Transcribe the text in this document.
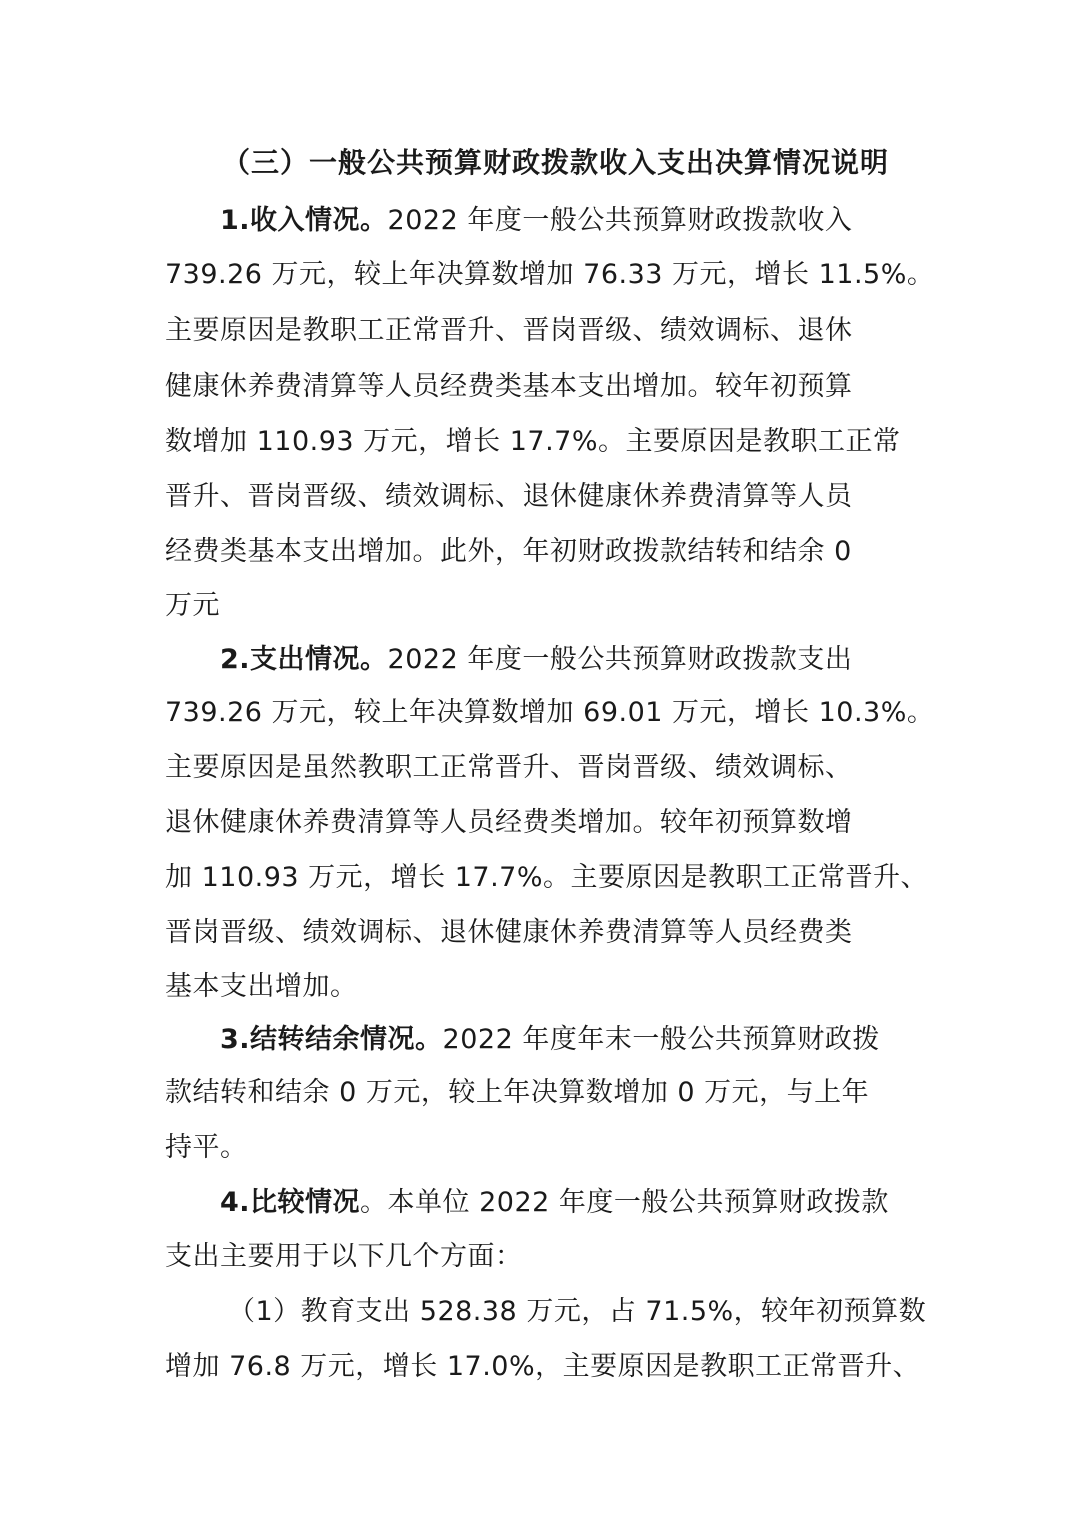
（三）一般公共预算财政拨款收入支出决算情况说明
1.收入情况。2022 年度一般公共预算财政拨款收入
739.26 万元，较上年决算数增加 76.33 万元，增长 11.5%。
主要原因是教职工正常晋升、晋岗晋级、绩效调标、退休
健康休养费清算等人员经费类基本支出增加。较年初预算
数增加 110.93 万元，增长 17.7%。主要原因是教职工正常
晋升、晋岗晋级、绩效调标、退休健康休养费清算等人员
经费类基本支出增加。此外，年初财政拨款结转和结余 0
万元
2.支出情况。2022 年度一般公共预算财政拨款支出
739.26 万元，较上年决算数增加 69.01 万元，增长 10.3%。
主要原因是虽然教职工正常晋升、晋岗晋级、绩效调标、
退休健康休养费清算等人员经费类增加。较年初预算数增
加 110.93 万元，增长 17.7%。主要原因是教职工正常晋升、
晋岗晋级、绩效调标、退休健康休养费清算等人员经费类
基本支出增加。
3.结转结余情况。2022 年度年末一般公共预算财政拨
款结转和结余 0 万元，较上年决算数增加 0 万元，与上年
持平。
4.比较情况。本单位 2022 年度一般公共预算财政拨款
支出主要用于以下几个方面：
（1）教育支出 528.38 万元，占 71.5%，较年初预算数
增加 76.8 万元，增长 17.0%，主要原因是教职工正常晋升、
